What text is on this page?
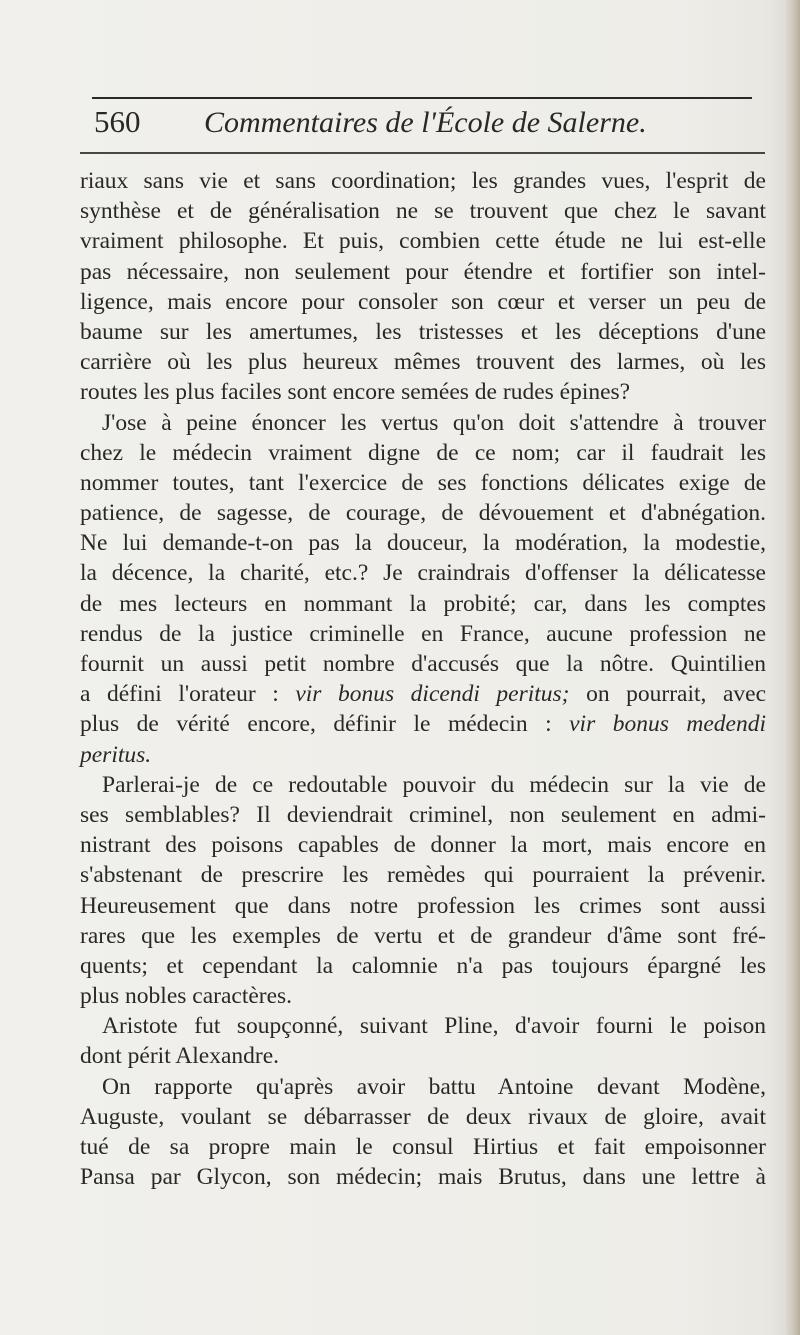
560 Commentaires de l'École de Salerne.
riaux sans vie et sans coordination; les grandes vues, l'esprit de
synthèse et de généralisation ne se trouvent que chez le savant
vraiment philosophe. Et puis, combien cette étude ne lui est-elle
pas nécessaire, non seulement pour étendre et fortifier son intel-
ligence, mais encore pour consoler son cœur et verser un peu de
baume sur les amertumes, les tristesses et les déceptions d'une
carrière où les plus heureux mêmes trouvent des larmes, où les
routes les plus faciles sont encore semées de rudes épines?
J'ose à peine énoncer les vertus qu'on doit s'attendre à trouver
chez le médecin vraiment digne de ce nom; car il faudrait les
nommer toutes, tant l'exercice de ses fonctions délicates exige de
patience, de sagesse, de courage, de dévouement et d'abnégation.
Ne lui demande-t-on pas la douceur, la modération, la modestie,
la décence, la charité, etc.? Je craindrais d'offenser la délicatesse
de mes lecteurs en nommant la probité; car, dans les comptes
rendus de la justice criminelle en France, aucune profession ne
fournit un aussi petit nombre d'accusés que la nôtre. Quintilien
a défini l'orateur : vir bonus dicendi peritus; on pourrait, avec
plus de vérité encore, définir le médecin : vir bonus medendi
peritus.
Parlerai-je de ce redoutable pouvoir du médecin sur la vie de
ses semblables? Il deviendrait criminel, non seulement en admi-
nistrant des poisons capables de donner la mort, mais encore en
s'abstenant de prescrire les remèdes qui pourraient la prévenir.
Heureusement que dans notre profession les crimes sont aussi
rares que les exemples de vertu et de grandeur d'âme sont fré-
quents; et cependant la calomnie n'a pas toujours épargné les
plus nobles caractères.
Aristote fut soupçonné, suivant Pline, d'avoir fourni le poison
dont périt Alexandre.
On rapporte qu'après avoir battu Antoine devant Modène,
Auguste, voulant se débarrasser de deux rivaux de gloire, avait
tué de sa propre main le consul Hirtius et fait empoisonner
Pansa par Glycon, son médecin; mais Brutus, dans une lettre à
